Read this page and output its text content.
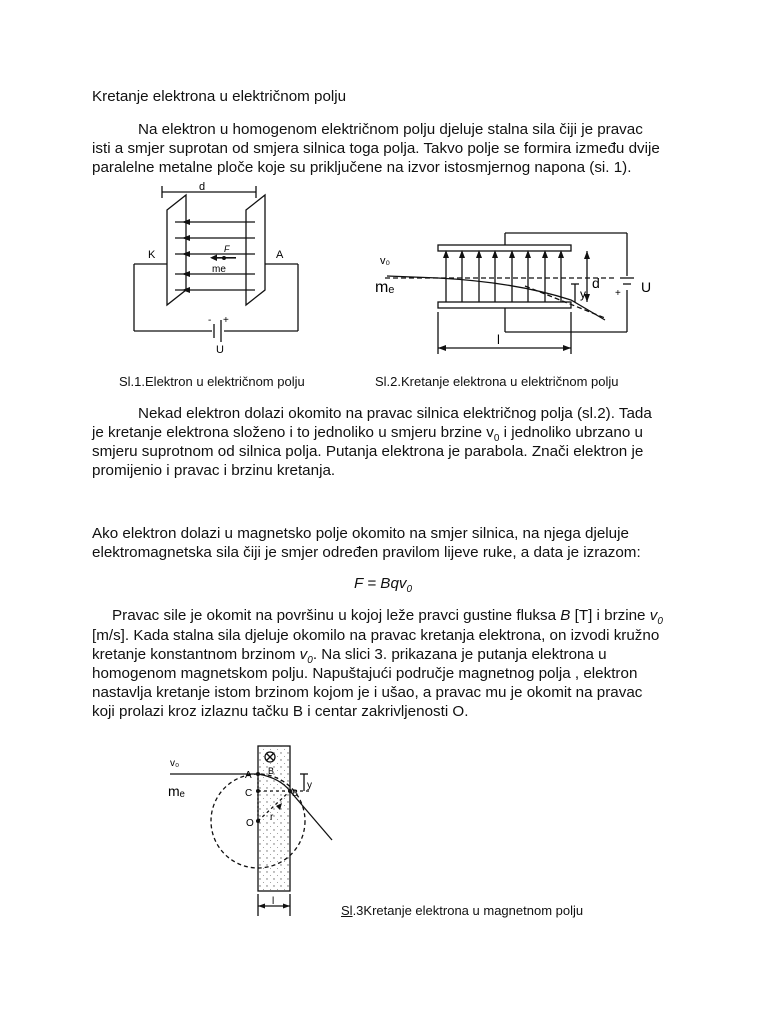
Kretanje elektrona u električnom polju
Na elektron u homogenom električnom polju djeluje stalna sila čiji je pravac
isti a smjer suprotan od smjera silnica toga polja. Takvo polje se formira između dvije
paralelne metalne ploče koje su priključene na izvor istosmjernog napona (si. 1).
d
K	A
F
me
- +
U
v₀
mₑ	y
d
l
U
+
Sl.1.Elektron u električnom polju	Sl.2.Kretanje elektrona u električnom polju
Nekad elektron dolazi okomito na pravac silnica električnog polja (sl.2). Tada
je kretanje elektrona složeno i to jednoliko u smjeru brzine $v_0$ i jednoliko ubrzano u
smjeru suprotnom od silnica polja. Putanja elektrona je parabola. Znači elektron je
promijenio i pravac i brzinu kretanja.
Ako elektron dolazi u magnetsko polje okomito na smjer silnica, na njega djeluje
elektromagnetska sila čiji je smjer određen pravilom lijeve ruke, a data je izrazom:
F = Bqv$_0$
Pravac sile je okomit na površinu u kojoj leže pravci gustine fluksa B [T] i brzine $v_0$
[m/s]. Kada stalna sila djeluje okomilo na pravac kretanja elektrona, on izvodi kružno
kretanje konstantnom brzinom $v_0$. Na slici 3. prikazana je putanja elektrona u
homogenom magnetskom polju. Napuštajući područje magnetnog polja , elektron
nastavlja kretanje istom brzinom kojom je i ušao, a pravac mu je okomit na pravac
koji prolazi kroz izlaznu tačku B i centar zakrivljenosti O.
v₀
mₑ
A B
C	B
y
O
r
l
Sl.3Kretanje elektrona u magnetnom polju
